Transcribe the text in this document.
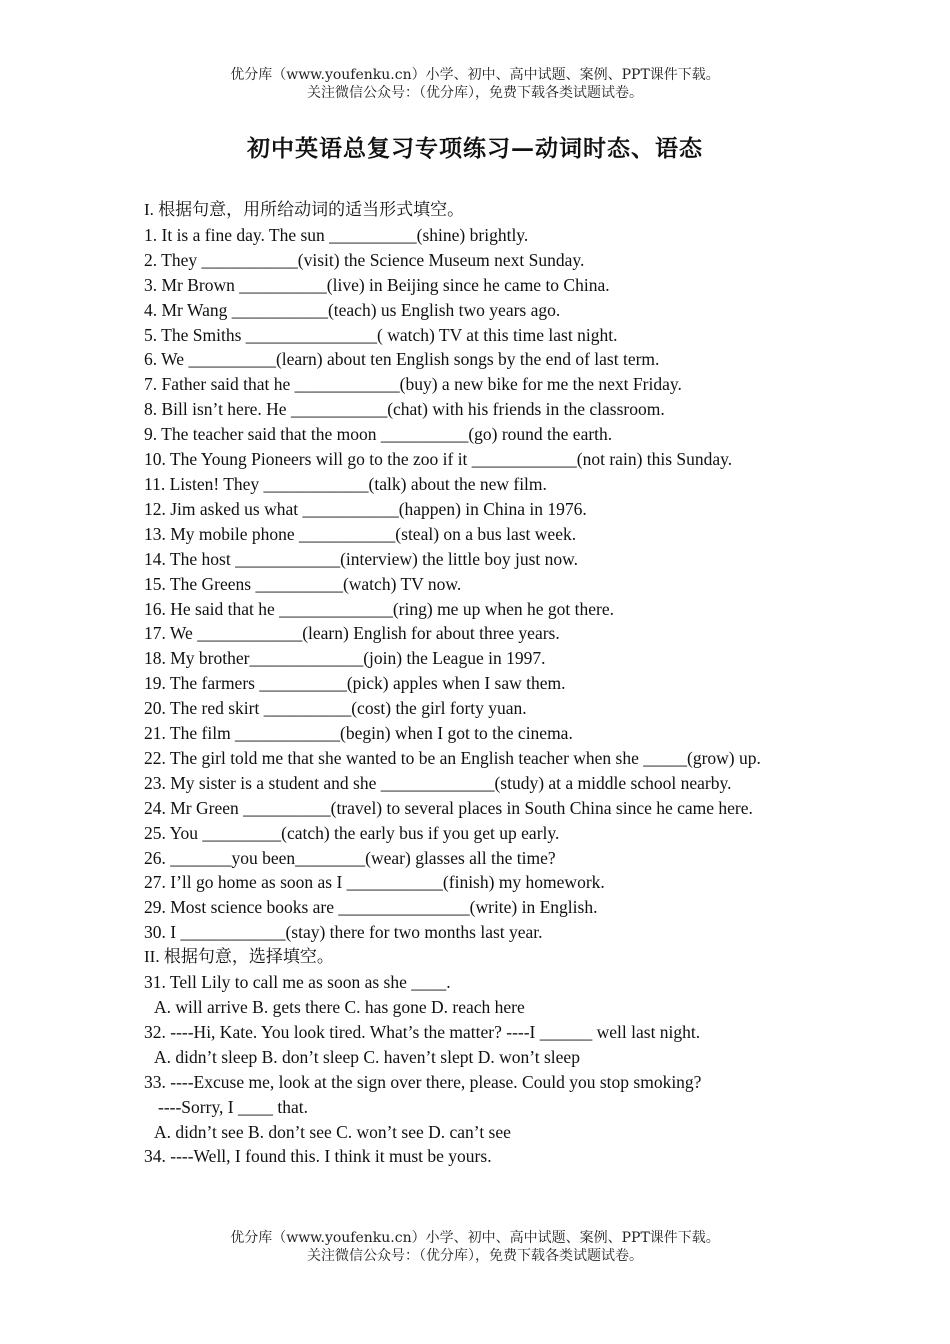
优分库（www.youfenku.cn）小学、初中、高中试题、案例、PPT课件下载。
关注微信公众号：（优分库），免费下载各类试题试卷。
初中英语总复习专项练习—动词时态、语态
I. 根据句意，用所给动词的适当形式填空。
1. It is a fine day. The sun __________(shine) brightly.
2. They ___________(visit) the Science Museum next Sunday.
3. Mr Brown __________(live) in Beijing since he came to China.
4. Mr Wang ___________(teach) us English two years ago.
5. The Smiths _______________( watch) TV at this time last night.
6. We __________(learn) about ten English songs by the end of last term.
7. Father said that he ____________(buy) a new bike for me the next Friday.
8. Bill isn’t here. He ___________(chat) with his friends in the classroom.
9. The teacher said that the moon __________(go) round the earth.
10. The Young Pioneers will go to the zoo if it ____________(not rain) this Sunday.
11. Listen! They ____________(talk) about the new film.
12. Jim asked us what ___________(happen) in China in 1976.
13. My mobile phone ___________(steal) on a bus last week.
14. The host ____________(interview) the little boy just now.
15. The Greens __________(watch) TV now.
16. He said that he _____________(ring) me up when he got there.
17. We ____________(learn) English for about three years.
18. My brother_____________(join) the League in 1997.
19. The farmers __________(pick) apples when I saw them.
20. The red skirt __________(cost) the girl forty yuan.
21. The film ____________(begin) when I got to the cinema.
22. The girl told me that she wanted to be an English teacher when she _____(grow) up.
23. My sister is a student and she _____________(study) at a middle school nearby.
24. Mr Green __________(travel) to several places in South China since he came here.
25. You _________(catch) the early bus if you get up early.
26. _______you been________(wear) glasses all the time?
27. I’ll go home as soon as I ___________(finish) my homework.
29. Most science books are _______________(write) in English.
30. I ____________(stay) there for two months last year.
II. 根据句意，选择填空。
31. Tell Lily to call me as soon as she ____.
A. will arrive B. gets there C. has gone D. reach here
32. ----Hi, Kate. You look tired. What’s the matter? ----I ______ well last night.
A. didn’t sleep B. don’t sleep C. haven’t slept D. won’t sleep
33. ----Excuse me, look at the sign over there, please. Could you stop smoking?
----Sorry, I ____ that.
A. didn’t see B. don’t see C. won’t see D. can’t see
34. ----Well, I found this. I think it must be yours.
优分库（www.youfenku.cn）小学、初中、高中试题、案例、PPT课件下载。
关注微信公众号：（优分库），免费下载各类试题试卷。
